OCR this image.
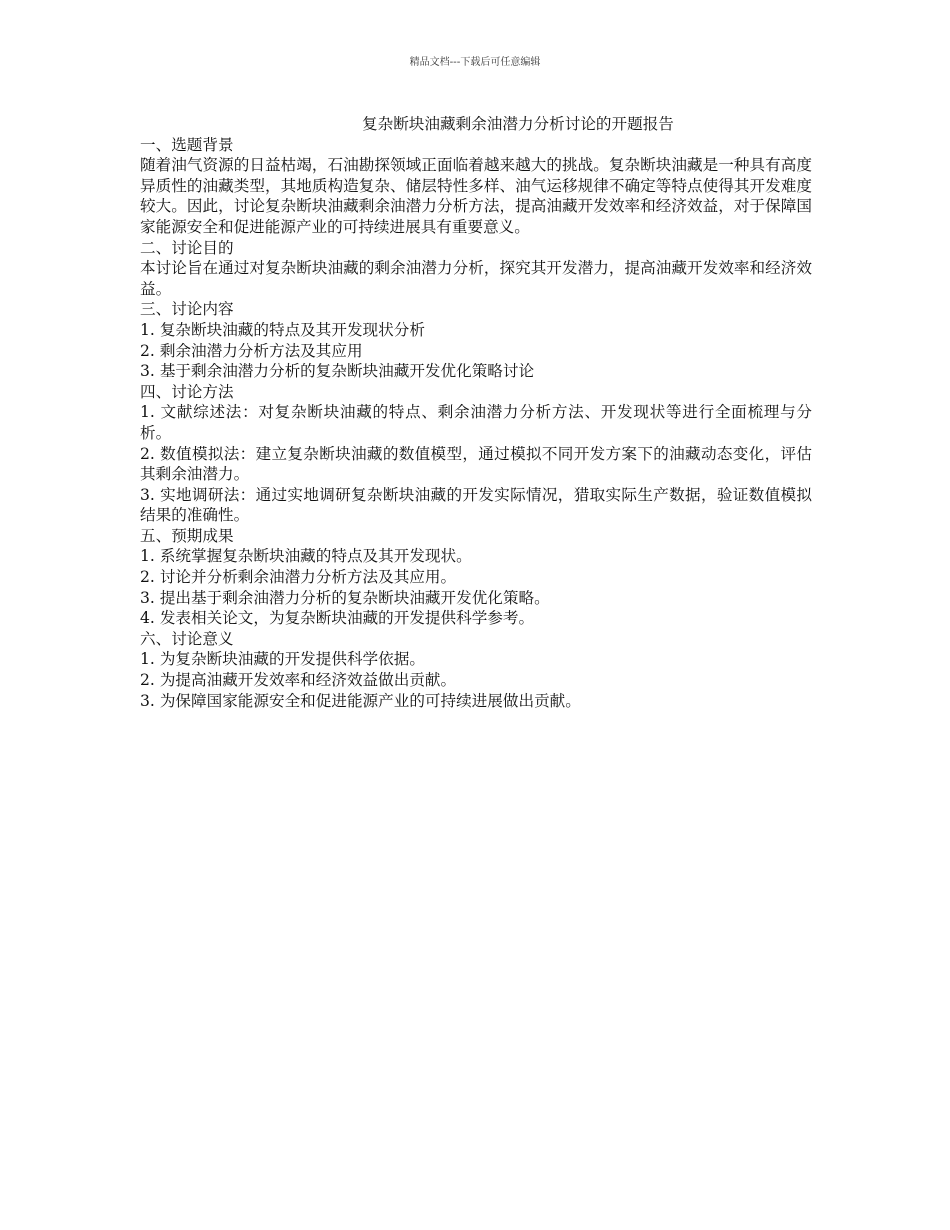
精品文档---下载后可任意编辑
复杂断块油藏剩余油潜力分析讨论的开题报告
一、选题背景

随着油气资源的日益枯竭，石油勘探领域正面临着越来越大的挑战。复杂断块油藏是一种具有高度异质性的油藏类型，其地质构造复杂、储层特性多样、油气运移规律不确定等特点使得其开发难度较大。因此，讨论复杂断块油藏剩余油潜力分析方法，提高油藏开发效率和经济效益，对于保障国家能源安全和促进能源产业的可持续进展具有重要意义。

二、讨论目的

本讨论旨在通过对复杂断块油藏的剩余油潜力分析，探究其开发潜力，提高油藏开发效率和经济效益。

三、讨论内容
1. 复杂断块油藏的特点及其开发现状分析
2. 剩余油潜力分析方法及其应用
3. 基于剩余油潜力分析的复杂断块油藏开发优化策略讨论
四、讨论方法

1. 文献综述法：对复杂断块油藏的特点、剩余油潜力分析方法、开发现状等进行全面梳理与分析。

2. 数值模拟法：建立复杂断块油藏的数值模型，通过模拟不同开发方案下的油藏动态变化，评估其剩余油潜力。

3. 实地调研法：通过实地调研复杂断块油藏的开发实际情况，猎取实际生产数据，验证数值模拟结果的准确性。

五、预期成果
1. 系统掌握复杂断块油藏的特点及其开发现状。
2. 讨论并分析剩余油潜力分析方法及其应用。
3. 提出基于剩余油潜力分析的复杂断块油藏开发优化策略。
4. 发表相关论文，为复杂断块油藏的开发提供科学参考。
六、讨论意义
1. 为复杂断块油藏的开发提供科学依据。
2. 为提高油藏开发效率和经济效益做出贡献。
3. 为保障国家能源安全和促进能源产业的可持续进展做出贡献。
